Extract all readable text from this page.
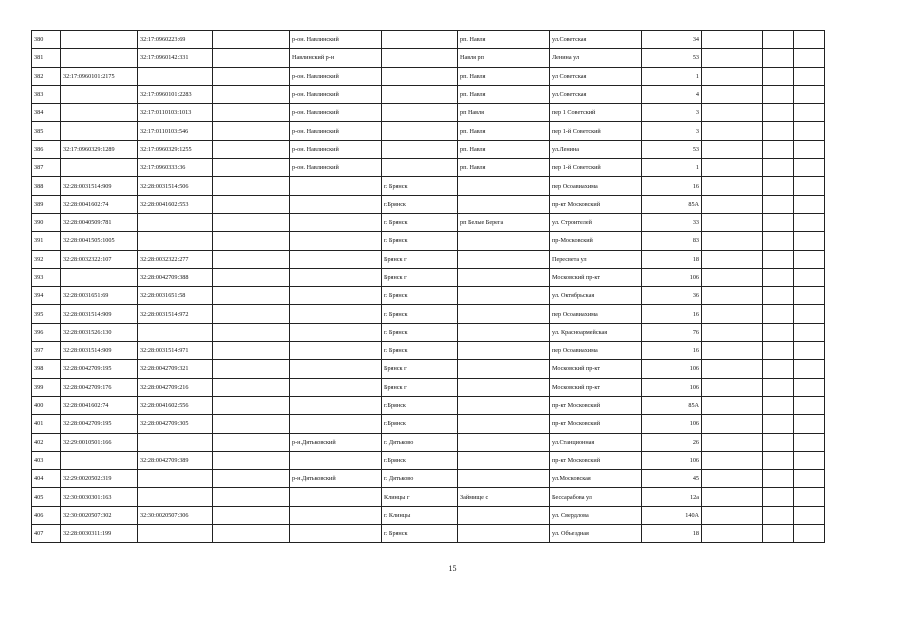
380		32:17:0960223:69		р-он. Навлинский		рп. Навля	ул.Советская	34			
381		32:17:0960142:331		Навлинский р-н		Навля рп	Ленина ул	53			
382	32:17:0960101:2175			р-он. Навлинский		рп. Навля	ул Советская	1			
383		32:17:0960101:2283		р-он. Навлинский		рп. Навля	ул.Советская	4			
384		32:17:0110103:1013		р-он. Навлинский		рп Навля	пер 1 Советский	3			
385		32:17:0110103:546		р-он. Навлинский		рп. Навля	пер 1-й Советский	3			
386	32:17:0960329:1289	32:17:0960329:1255		р-он. Навлинский		рп. Навля	ул.Ленина	53			
387		32:17:0960333:36		р-он. Навлинский		рп. Навля	пер 1-й Советский	1			
388	32:28:0031514:909	32:28:0031514:506			г. Брянск		пер Осоавиахима	16			
389	32:28:0041602:74	32:28:0041602:553			г.Брянск		пр-кт Московский	85А			
390	32:28:0040509:781				г. Брянск	рп Белые Берега	ул. Строителей	33			
391	32:28:0041505:1005				г. Брянск		пр-Московский	83			
392	32:28:0032322:107	32:28:0032322:277			Брянск г		Пересвета ул	18			
393		32:28:0042709:388			Брянск г		Московский пр-кт	106			
394	32:28:0031651:69	32:28:0031651:58			г. Брянск		ул. Октябрьская	36			
395	32:28:0031514:909	32:28:0031514:972			г. Брянск		пер Осоавиахима	16			
396	32:28:0031526:130				г. Брянск		ул. Красноармейская	76			
397	32:28:0031514:909	32:28:0031514:971			г. Брянск		пер Осоавиахима	16			
398	32:28:0042709:195	32:28:0042709:321			Брянск г		Московский пр-кт	106			
399	32:28:0042709:176	32:28:0042709:216			Брянск г		Московский пр-кт	106			
400	32:28:0041602:74	32:28:0041602:556			г.Брянск		пр-кт Московский	85А			
401	32:28:0042709:195	32:28:0042709:305			г.Брянск		пр-кт Московский	106			
402	32:29:0010501:166			р-н.Дятьковский	г. Дятьково		ул.Станционная	26			
403		32:28:0042709:389			г.Брянск		пр-кт Московский	106			
404	32:29:0020502:319			р-н.Дятьковский	г. Дятьково		ул.Московская	45			
405	32:30:0030301:163				Клинцы г	Займище с	Бессарабова ул	12а			
406	32:30:0020507:302	32:30:0020507:306			г. Клинцы		ул. Свердлова	140А			
407	32:28:0030311:199				г. Брянск		ул. Объездная	18			
15
